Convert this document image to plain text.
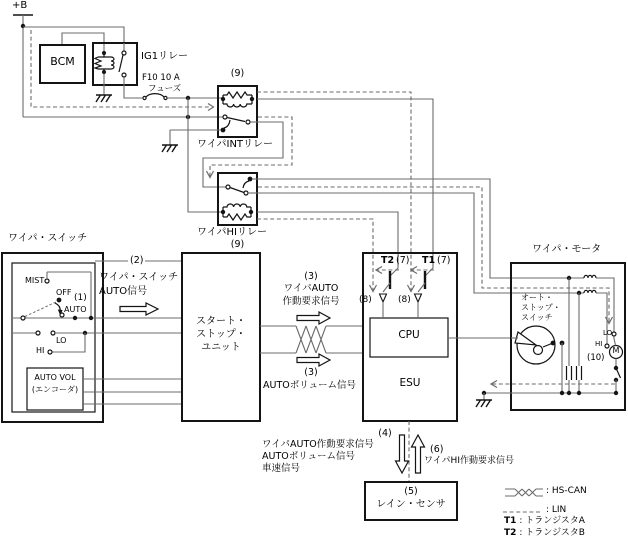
+B
BCM	IG1リレー
F10 10 A
フューズ
(9)
ワイパINTリレー
ワイパHIリレー
(9)
ワイパ・スイッチ
MIST
OFF
(1)
AUTO
LO
HI
AUTO VOL
(エンコーダ)
(2)
ワイパ・スイッチ
AUTO信号
スタート・
ストップ・
ユニット
(3)
ワイパAUTO
作動要求信号
(3)
AUTOボリューム信号
T2 (7) T1 (7)
(8)	(8)
CPU
ESU
ワイパ・モータ
オート・
ストップ・
スイッチ
LO
HI
M
(10)
(4)
ワイパAUTO作動要求信号
AUTOボリューム信号
車速信号
(6)
ワイパHI作動要求信号
(5)
レイン・センサ
: HS-CAN
: LIN
T1 : トランジスタA
T2 : トランジスタB
